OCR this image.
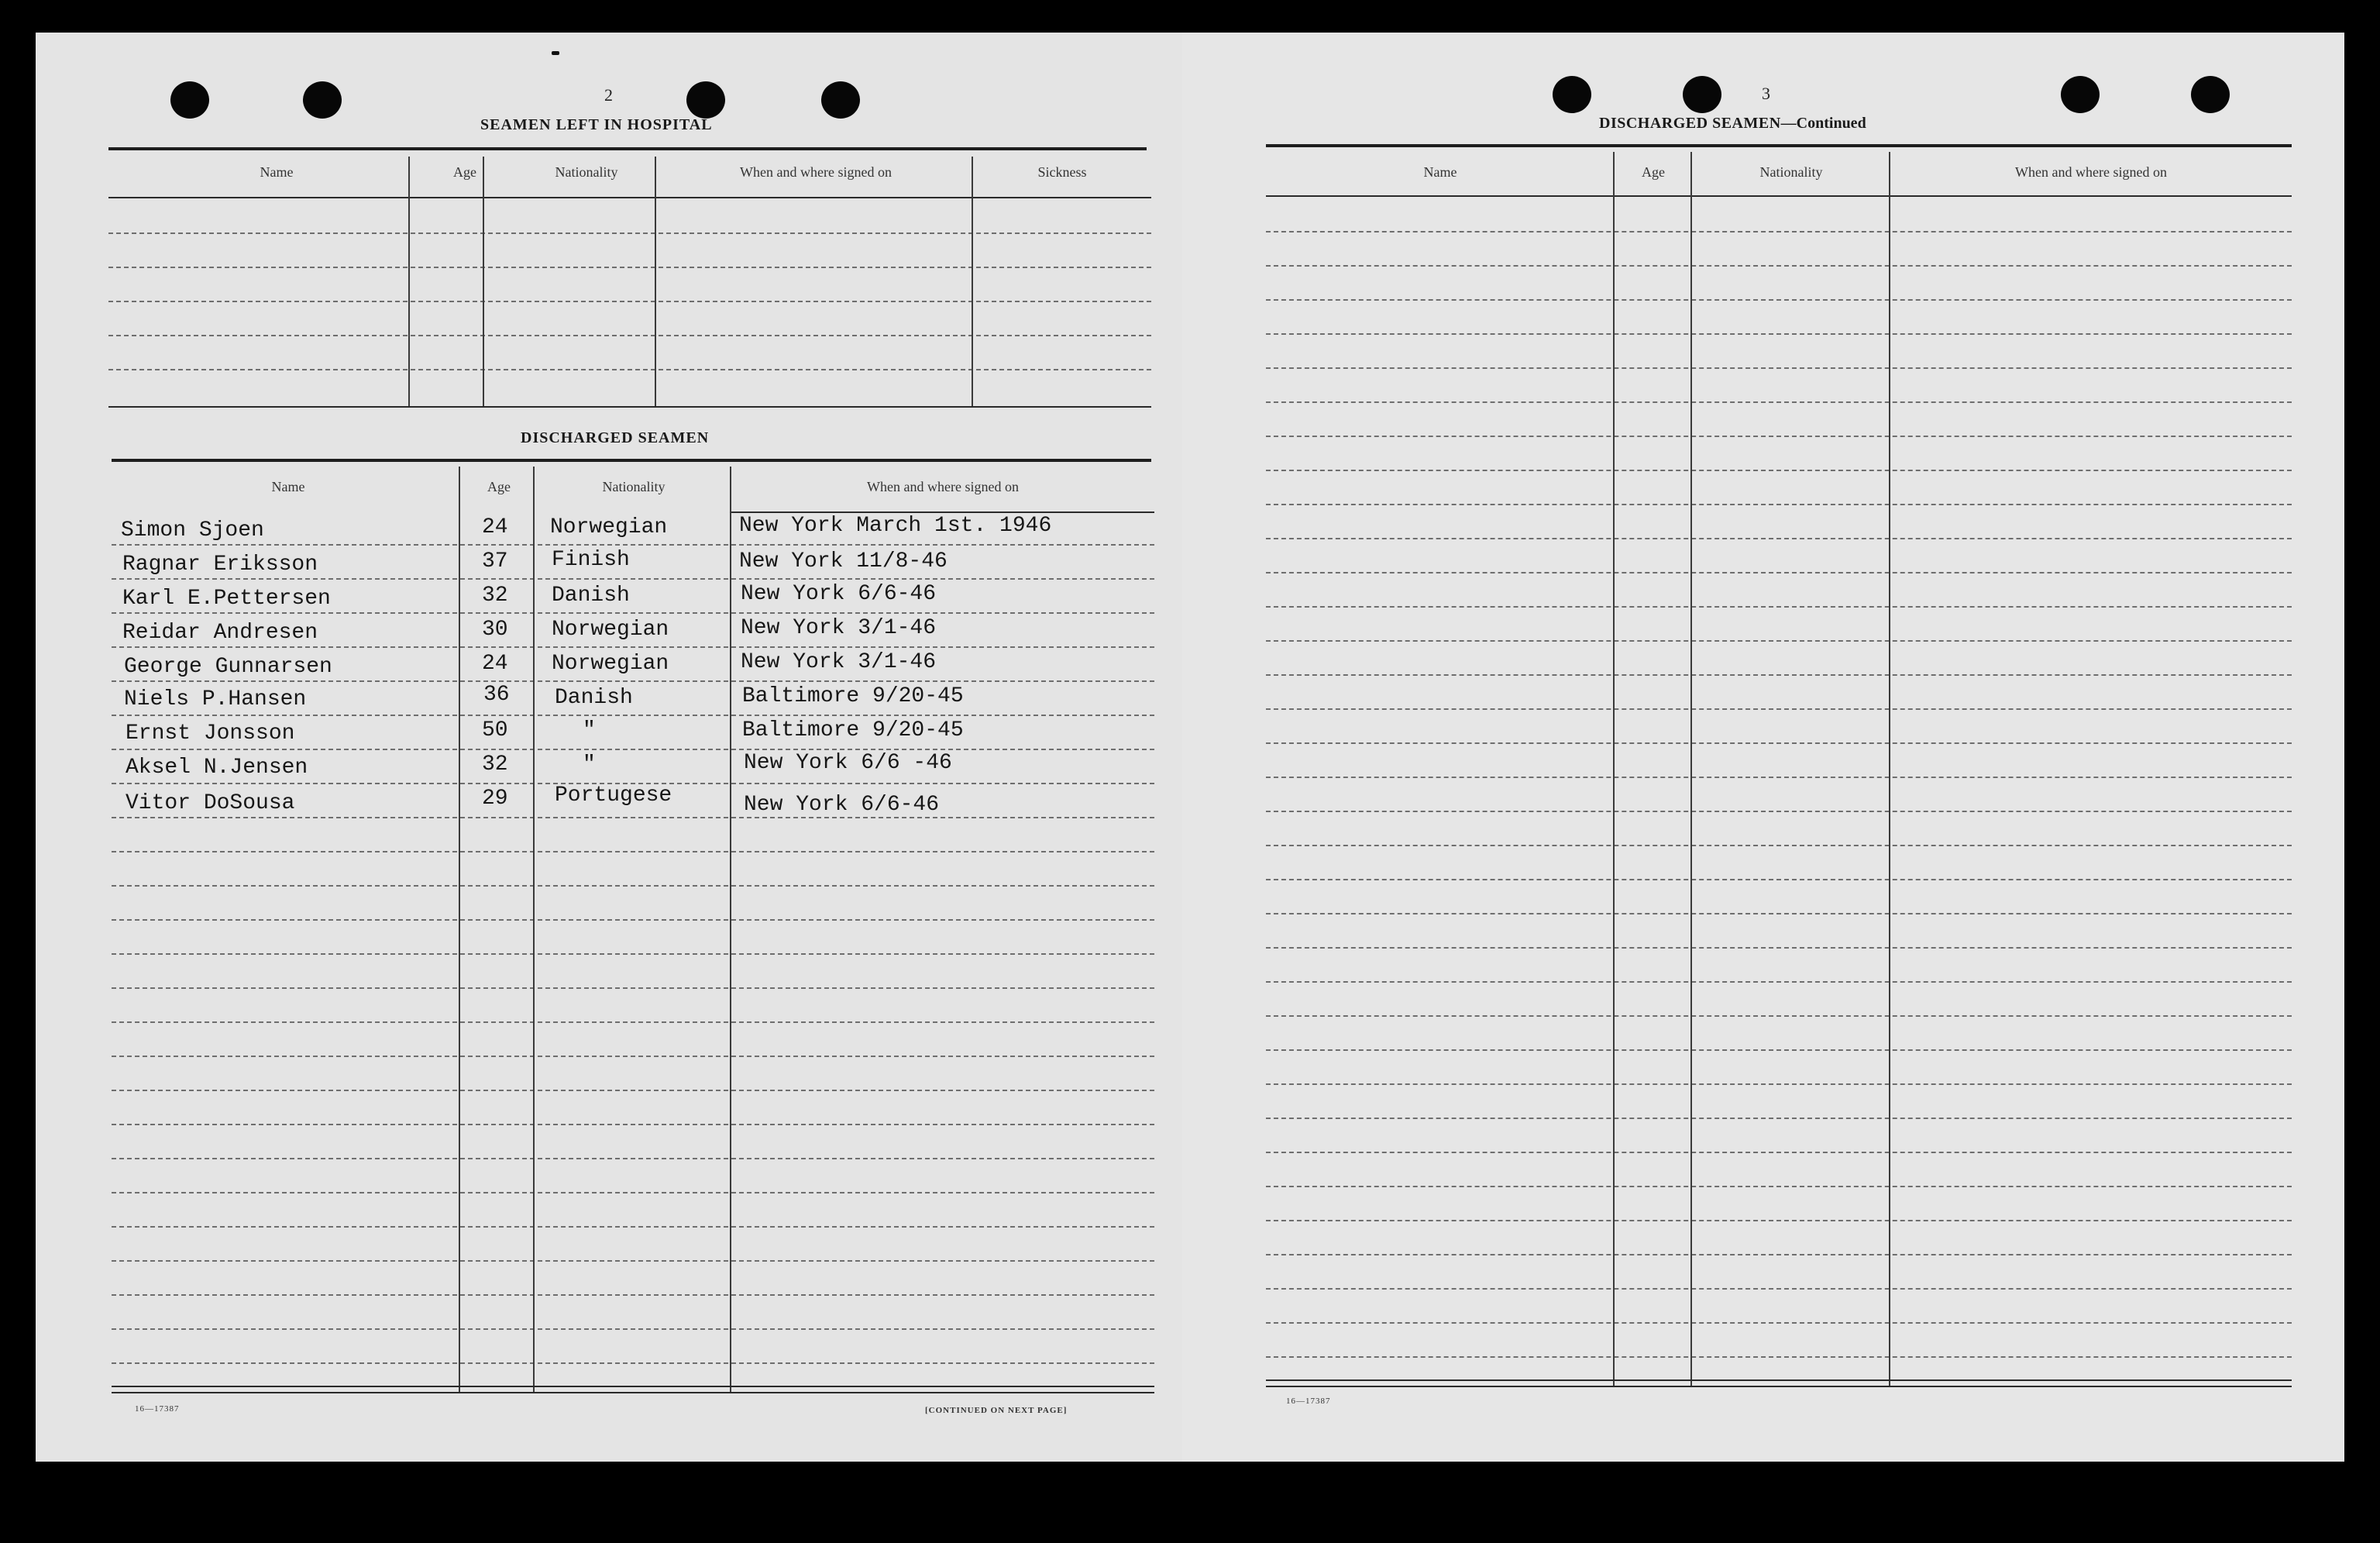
2
SEAMEN LEFT IN HOSPITAL
Name	Age	Nationality	When and where signed on	Sickness
DISCHARGED SEAMEN
Name	Age	Nationality	When and where signed on
Simon Sjoen	24 Norwegian	New York March 1st. 1946
Ragnar Eriksson	37 Finish	New York 11/8-46
Karl E.Pettersen	32 Danish	New York 6/6-46
Reidar Andresen	30 Norwegian	New York 3/1-46
George Gunnarsen	24 Norwegian	New York 3/1-46
Niels P.Hansen	36 Danish	Baltimore 9/20-45
Ernst Jonsson	50	"	Baltimore 9/20-45
Aksel N.Jensen	32	"	New York 6/6 -46
Vitor DoSousa	29 Portugese	New York 6/6-46
16—17387	[CONTINUED ON NEXT PAGE]
3
DISCHARGED SEAMEN—Continued
Name	Age	Nationality	When and where signed on
16—17387
